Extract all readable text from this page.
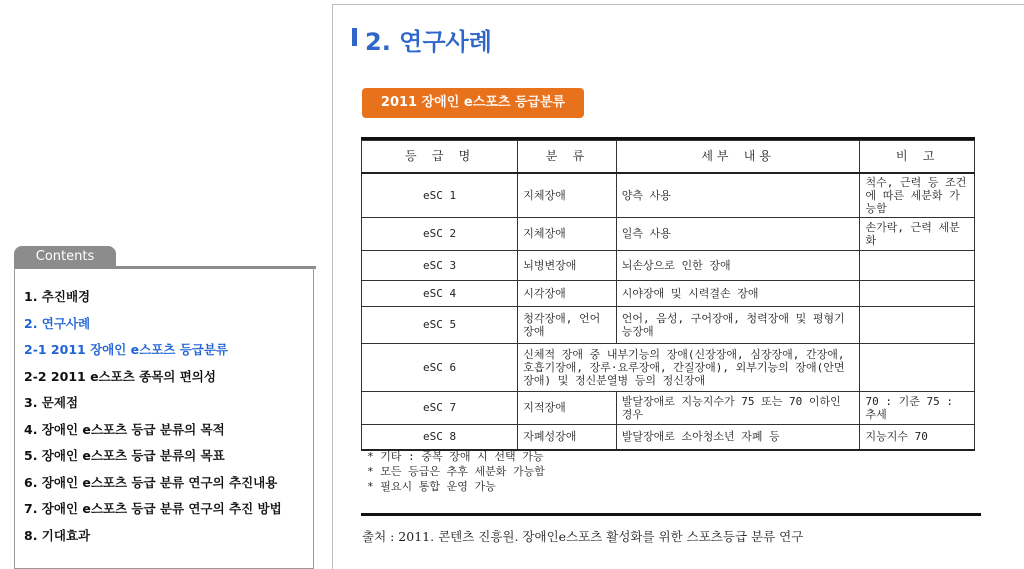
Contents
1. 추진배경
2. 연구사례
2-1 2011 장애인 e스포츠 등급분류
2-2 2011 e스포츠 종목의 편의성
3. 문제점
4. 장애인 e스포츠 등급 분류의 목적
5. 장애인 e스포츠 등급 분류의 목표
6. 장애인 e스포츠 등급 분류 연구의 추진내용
7. 장애인 e스포츠 등급 분류 연구의 추진 방법
8. 기대효과
2. 연구사례
2011 장애인 e스포츠 등급분류
등 급 명	분 류	세부 내용	비 고
eSC 1	지체장애	양측 사용	척수, 근력 등 조건에 따른 세분화 가능함
eSC 2	지체장애	일측 사용	손가락, 근력 세분화
eSC 3	뇌병변장애	뇌손상으로 인한 장애	
eSC 4	시각장애	시야장애 및 시력결손 장애	
eSC 5	청각장애, 언어장애	언어, 음성, 구어장애, 청력장애 및 평형기능장애	
eSC 6	신체적 장애 중 내부기능의 장애(신장장애, 심장장애, 간장애, 호흡기장애, 장루·요루장애, 간질장애), 외부기능의 장애(안면장애) 및 정신분열병 등의 정신장애		
eSC 7	지적장애	발달장애로 지능지수가 75 또는 70 이하인 경우	70 : 기준 75 : 추세
eSC 8	자폐성장애	발달장애로 소아청소년 자폐 등	지능지수 70
* 기타 : 중복 장애 시 선택 가능
* 모든 등급은 추후 세분화 가능함
* 필요시 통합 운영 가능
출처 : 2011. 콘텐츠 진흥원. 장애인e스포츠 활성화를 위한 스포츠등급 분류 연구
